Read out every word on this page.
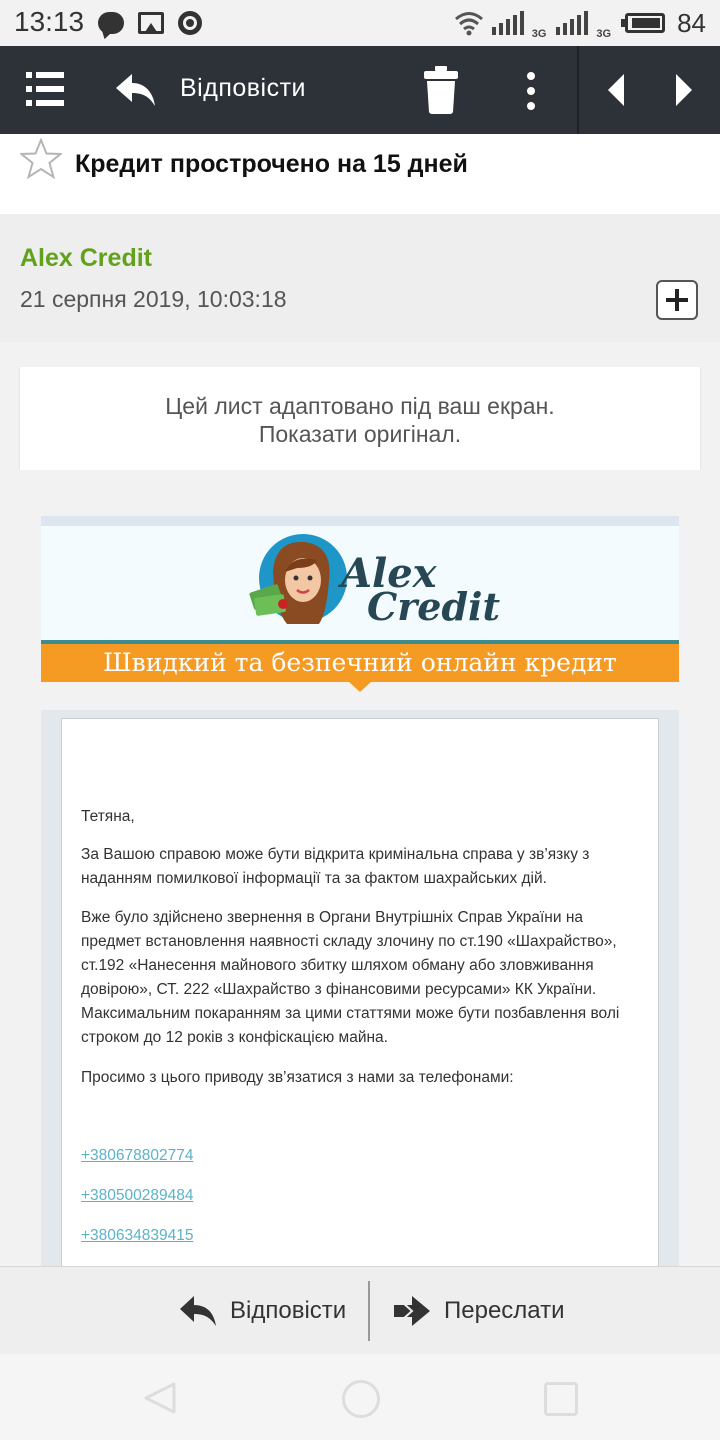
13:13	3G	3G	84
Відповісти
Кредит прострочено на 15 дней
Alex Credit
21 серпня 2019, 10:03:18
Цей лист адаптовано під ваш екран.
Показати оригінал.
Alex
Credit
Швидкий та безпечний онлайн кредит

Тетяна,

За Вашою справою може бути відкрита кримінальна справа у зв’язку з наданням помилкової інформації та за фактом шахрайських дій.

Вже було здійснено звернення в Органи Внутрішніх Справ України на предмет встановлення наявності складу злочину по ст.190 «Шахрайство», ст.192 «Нанесення майнового збитку шляхом обману або зловживання довірою», СТ. 222 «Шахрайство з фінансовими ресурсами» КК України. Максимальним покаранням за цими статтями може бути позбавлення волі строком до 12 років з конфіскацією майна.

Просимо з цього приводу зв’язатися з нами за телефонами:

+380678802774
+380500289484
+380634839415
Відповісти	Переслати
